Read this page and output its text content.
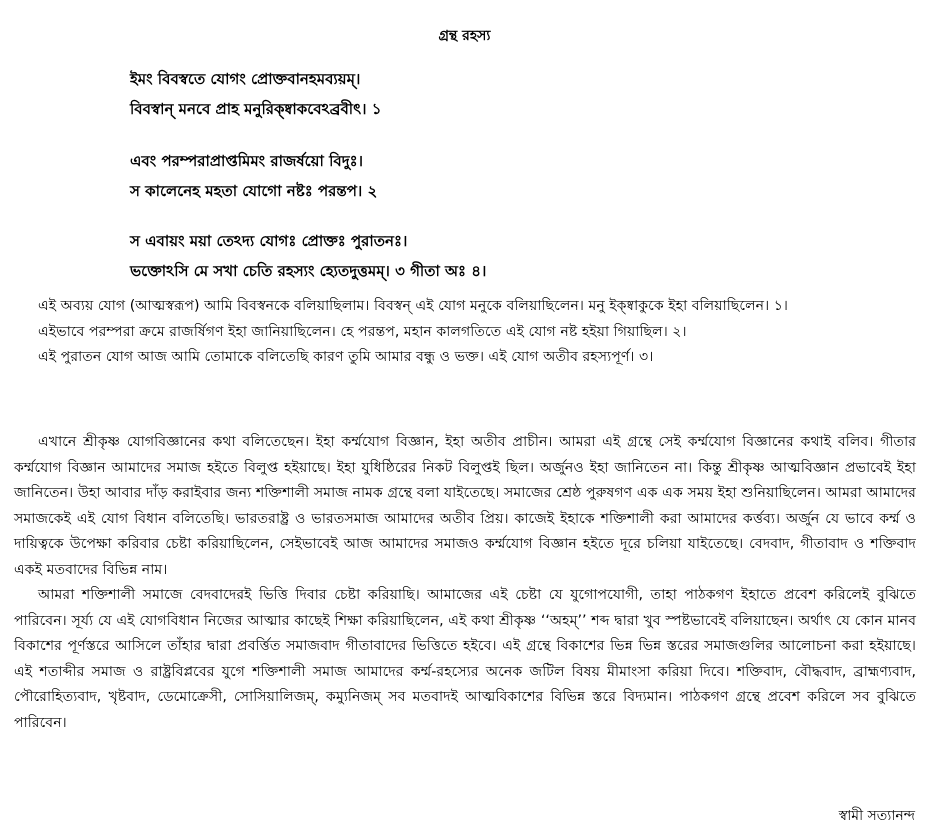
গ্রন্থ রহস্য
ইমং বিবস্বতে যোগং প্রোক্তবানহমব্যয়ম্।
বিবস্বান্ মনবে প্রাহ মনুরিক্ষ্বাকবেঽব্রবীৎ। ১
এবং পরম্পরাপ্রাপ্তমিমং রাজর্ষয়ো বিদুঃ।
স কালেনেহ মহতা যোগো নষ্টঃ পরন্তপ। ২
স এবায়ং ময়া তেঽদ্য যোগঃ প্রোক্তঃ পুরাতনঃ।
ভক্তোঽসি মে সখা চেতি রহস্যং হ্যেতদুত্তমম্। ৩ গীতা অঃ ৪।
এই অব্যয় যোগ (আত্মস্বরূপ) আমি বিবস্বনকে বলিয়াছিলাম। বিবস্বন্ এই যোগ মনুকে বলিয়াছিলেন। মনু ইক্ষ্বাকুকে ইহা বলিয়াছিলেন। ১।
এইভাবে পরম্পরা ক্রমে রাজর্ষিগণ ইহা জানিয়াছিলেন। হে পরন্তপ, মহান কালগতিতে এই যোগ নষ্ট হইয়া গিয়াছিল। ২।
এই পুরাতন যোগ আজ আমি তোমাকে বলিতেছি কারণ তুমি আমার বন্ধু ও ভক্ত। এই যোগ অতীব রহস্যপূর্ণ। ৩।
এখানে শ্রীকৃষ্ণ যোগবিজ্ঞানের কথা বলিতেছেন। ইহা কর্ম্মযোগ বিজ্ঞান, ইহা অতীব প্রাচীন। আমরা এই গ্রন্থে সেই কর্ম্মযোগ বিজ্ঞানের কথাই বলিব। গীতার কর্ম্মযোগ বিজ্ঞান আমাদের সমাজ হইতে বিলুপ্ত হইয়াছে। ইহা যুধিষ্ঠিরের নিকট বিলুপ্তই ছিল। অর্জুনও ইহা জানিতেন না। কিন্তু শ্রীকৃষ্ণ আত্মবিজ্ঞান প্রভাবেই ইহা জানিতেন। উহা আবার দাঁড় করাইবার জন্য শক্তিশালী সমাজ নামক গ্রন্থে বলা যাইতেছে। সমাজের শ্রেষ্ঠ পুরুষগণ এক এক সময় ইহা শুনিয়াছিলেন। আমরা আমাদের সমাজকেই এই যোগ বিধান বলিতেছি। ভারতরাষ্ট্র ও ভারতসমাজ আমাদের অতীব প্রিয়। কাজেই ইহাকে শক্তিশালী করা আমাদের কর্ত্তব্য। অর্জুন যে ভাবে কর্ম্ম ও দায়িত্বকে উপেক্ষা করিবার চেষ্টা করিয়াছিলেন, সেইভাবেই আজ আমাদের সমাজও কর্ম্মযোগ বিজ্ঞান হইতে দূরে চলিয়া যাইতেছে। বেদবাদ, গীতাবাদ ও শক্তিবাদ একই মতবাদের বিভিন্ন নাম।
আমরা শক্তিশালী সমাজে বেদবাদেরই ভিত্তি দিবার চেষ্টা করিয়াছি। আমাজের এই চেষ্টা যে যুগোপযোগী, তাহা পাঠকগণ ইহাতে প্রবেশ করিলেই বুঝিতে পারিবেন। সূর্য্য যে এই যোগবিধান নিজের আত্মার কাছেই শিক্ষা করিয়াছিলেন, এই কথা শ্রীকৃষ্ণ ‘‘অহম্’’ শব্দ দ্বারা খুব স্পষ্টভাবেই বলিয়াছেন। অর্থাৎ যে কোন মানব বিকাশের পূর্ণস্তরে আসিলে তাঁহার দ্বারা প্রবর্ত্তিত সমাজবাদ গীতাবাদের ভিত্তিতে হইবে। এই গ্রন্থে বিকাশের ভিন্ন ভিন্ন স্তরের সমাজগুলির আলোচনা করা হইয়াছে। এই শতাব্দীর সমাজ ও রাষ্ট্রবিপ্লবের যুগে শক্তিশালী সমাজ আমাদের কর্ম্ম-রহস্যের অনেক জটিল বিষয় মীমাংসা করিয়া দিবে। শক্তিবাদ, বৌদ্ধবাদ, ব্রাহ্মণ্যবাদ, পৌরোহিত্যবাদ, খৃষ্টবাদ, ডেমোক্রেসী, সোসিয়ালিজম্, কম্যুনিজম্ সব মতবাদই আত্মবিকাশের বিভিন্ন স্তরে বিদ্যমান। পাঠকগণ গ্রন্থে প্রবেশ করিলে সব বুঝিতে পারিবেন।
স্বামী সত্যানন্দ
